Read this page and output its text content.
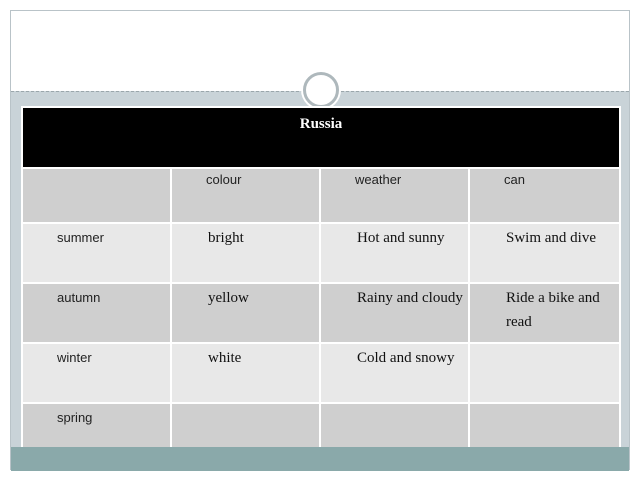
Russia			
	colour	weather	can
summer	bright	Hot and sunny	Swim and dive
autumn	yellow	Rainy and cloudy	Ride a bike and read
winter	white	Cold and snowy	
spring			
